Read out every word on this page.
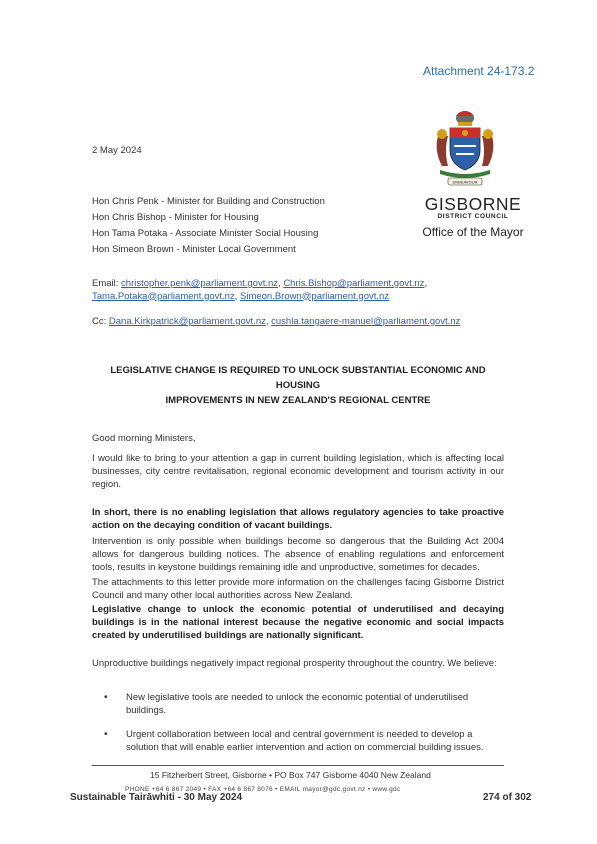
Attachment 24-173.2
2 May 2024
Hon Chris Penk - Minister for Building and Construction
Hon Chris Bishop - Minister for Housing
Hon Tama Potaka - Associate Minister Social Housing
Hon Simeon Brown - Minister Local Government
ENDEAVOUR
GISBORNE
DISTRICT COUNCIL
Office of the Mayor
Email: christopher.penk@parliament.govt.nz, Chris.Bishop@parliament.govt.nz,
Tama.Potaka@parliament.govt.nz, Simeon.Brown@parliament.govt.nz
Cc: Dana.Kirkpatrick@parliament.govt.nz, cushla.tangaere-manuel@parliament.govt.nz
LEGISLATIVE CHANGE IS REQUIRED TO UNLOCK SUBSTANTIAL ECONOMIC AND HOUSING
IMPROVEMENTS IN NEW ZEALAND'S REGIONAL CENTRE
Good morning Ministers,
I would like to bring to your attention a gap in current building legislation, which is affecting local businesses, city centre revitalisation, regional economic development and tourism activity in our region.
In short, there is no enabling legislation that allows regulatory agencies to take proactive action on the decaying condition of vacant buildings.
Intervention is only possible when buildings become so dangerous that the Building Act 2004 allows for dangerous building notices. The absence of enabling regulations and enforcement tools, results in keystone buildings remaining idle and unproductive, sometimes for decades.
The attachments to this letter provide more information on the challenges facing Gisborne District Council and many other local authorities across New Zealand.
Legislative change to unlock the economic potential of underutilised and decaying buildings is in the national interest because the negative economic and social impacts created by underutilised buildings are nationally significant.
Unproductive buildings negatively impact regional prosperity throughout the country. We believe:
• New legislative tools are needed to unlock the economic potential of underutilised buildings.
• Urgent collaboration between local and central government is needed to develop a solution that will enable earlier intervention and action on commercial building issues.
15 Fitzherbert Street, Gisborne • PO Box 747 Gisborne 4040 New Zealand
PHONE +64 6 867 2049 • FAX +64 6 867 8076 • EMAIL mayor@gdc.govt.nz • www.gdc
Sustainable Tairāwhiti - 30 May 2024	274 of 302
